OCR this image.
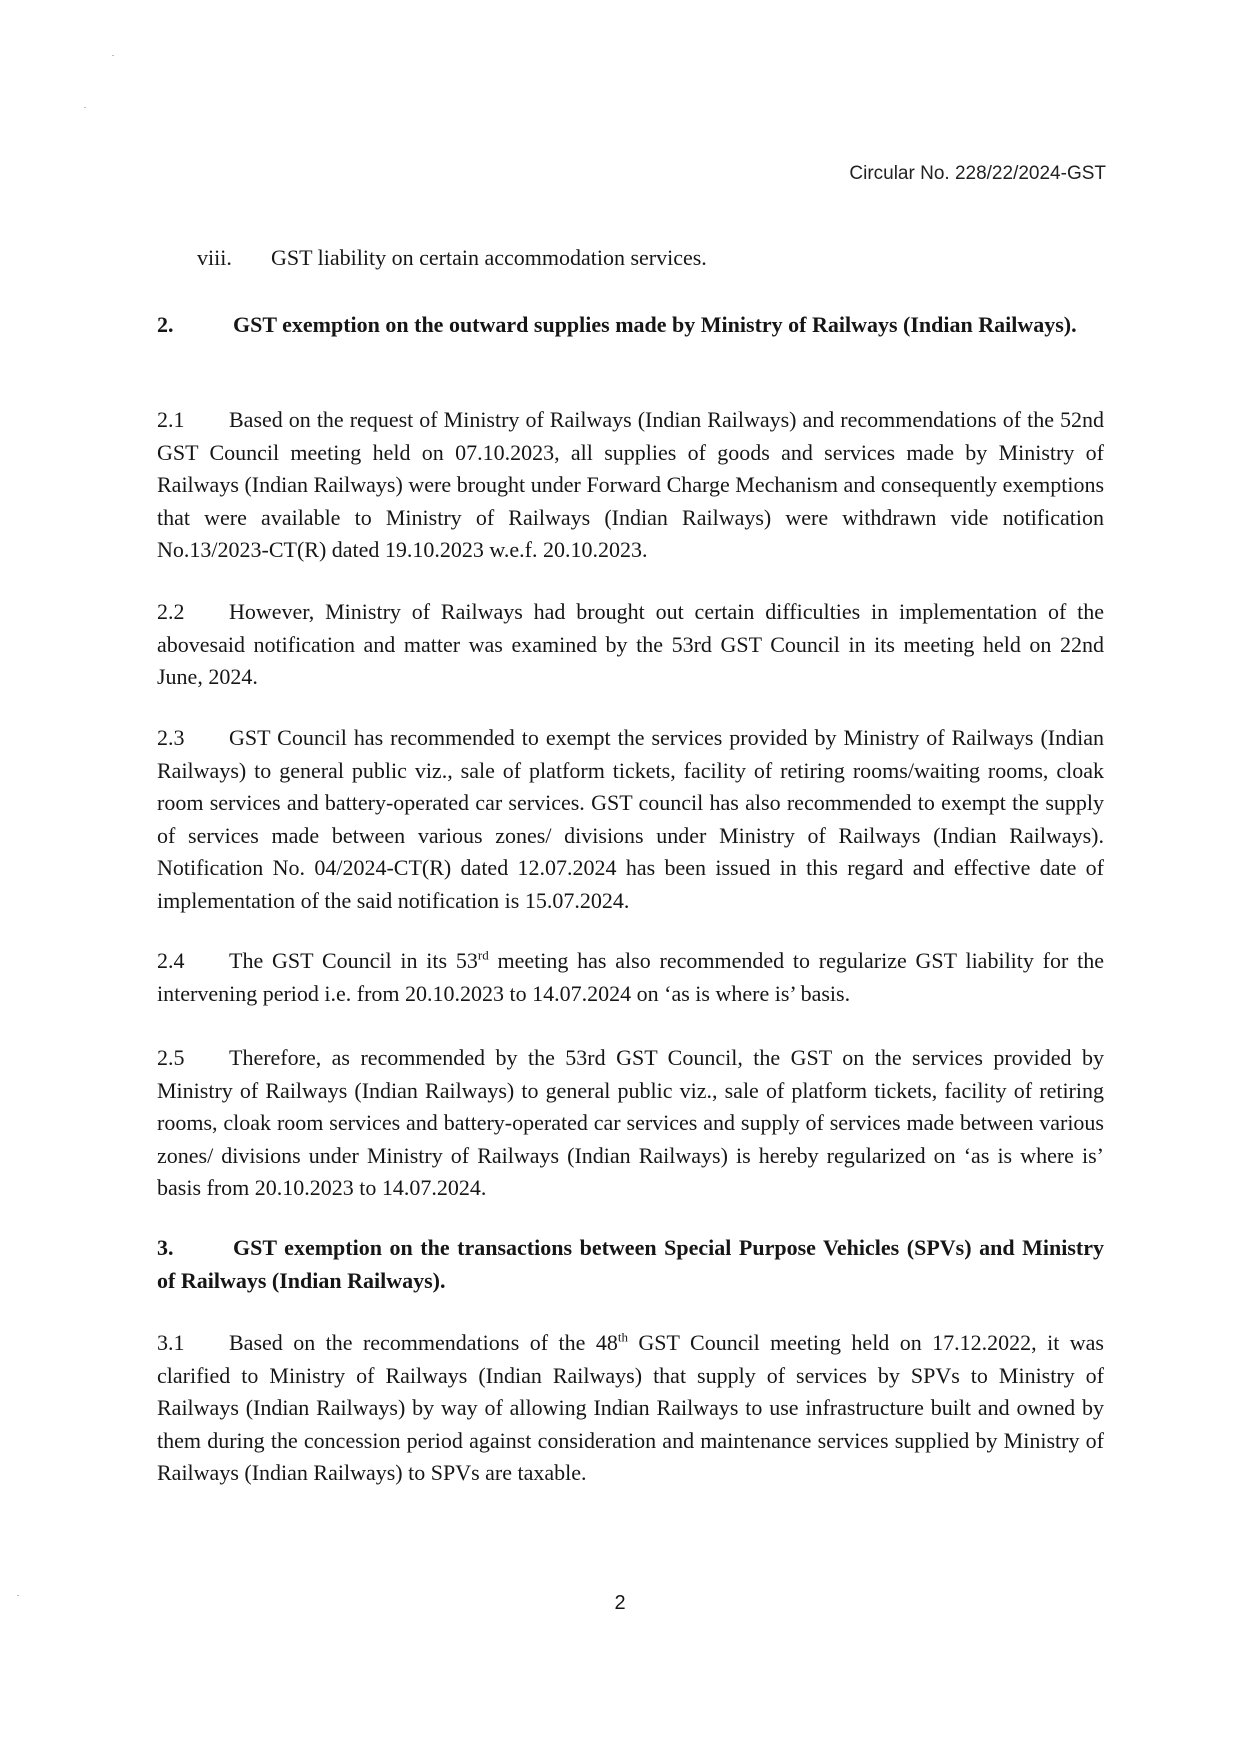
Circular No. 228/22/2024-GST
viii.	GST liability on certain accommodation services.
2.	GST exemption on the outward supplies made by Ministry of Railways (Indian Railways).
2.1 Based on the request of Ministry of Railways (Indian Railways) and recommendations of the 52nd GST Council meeting held on 07.10.2023, all supplies of goods and services made by Ministry of Railways (Indian Railways) were brought under Forward Charge Mechanism and consequently exemptions that were available to Ministry of Railways (Indian Railways) were withdrawn vide notification No.13/2023-CT(R) dated 19.10.2023 w.e.f. 20.10.2023.
2.2 However, Ministry of Railways had brought out certain difficulties in implementation of the abovesaid notification and matter was examined by the 53rd GST Council in its meeting held on 22nd June, 2024.
2.3 GST Council has recommended to exempt the services provided by Ministry of Railways (Indian Railways) to general public viz., sale of platform tickets, facility of retiring rooms/waiting rooms, cloak room services and battery-operated car services. GST council has also recommended to exempt the supply of services made between various zones/ divisions under Ministry of Railways (Indian Railways). Notification No. 04/2024-CT(R) dated 12.07.2024 has been issued in this regard and effective date of implementation of the said notification is 15.07.2024.
2.4 The GST Council in its 53rd meeting has also recommended to regularize GST liability for the intervening period i.e. from 20.10.2023 to 14.07.2024 on ‘as is where is’ basis.
2.5 Therefore, as recommended by the 53rd GST Council, the GST on the services provided by Ministry of Railways (Indian Railways) to general public viz., sale of platform tickets, facility of retiring rooms, cloak room services and battery-operated car services and supply of services made between various zones/ divisions under Ministry of Railways (Indian Railways) is hereby regularized on ‘as is where is’ basis from 20.10.2023 to 14.07.2024.
3.	GST exemption on the transactions between Special Purpose Vehicles (SPVs) and Ministry of Railways (Indian Railways).
3.1 Based on the recommendations of the 48th GST Council meeting held on 17.12.2022, it was clarified to Ministry of Railways (Indian Railways) that supply of services by SPVs to Ministry of Railways (Indian Railways) by way of allowing Indian Railways to use infrastructure built and owned by them during the concession period against consideration and maintenance services supplied by Ministry of Railways (Indian Railways) to SPVs are taxable.
2
